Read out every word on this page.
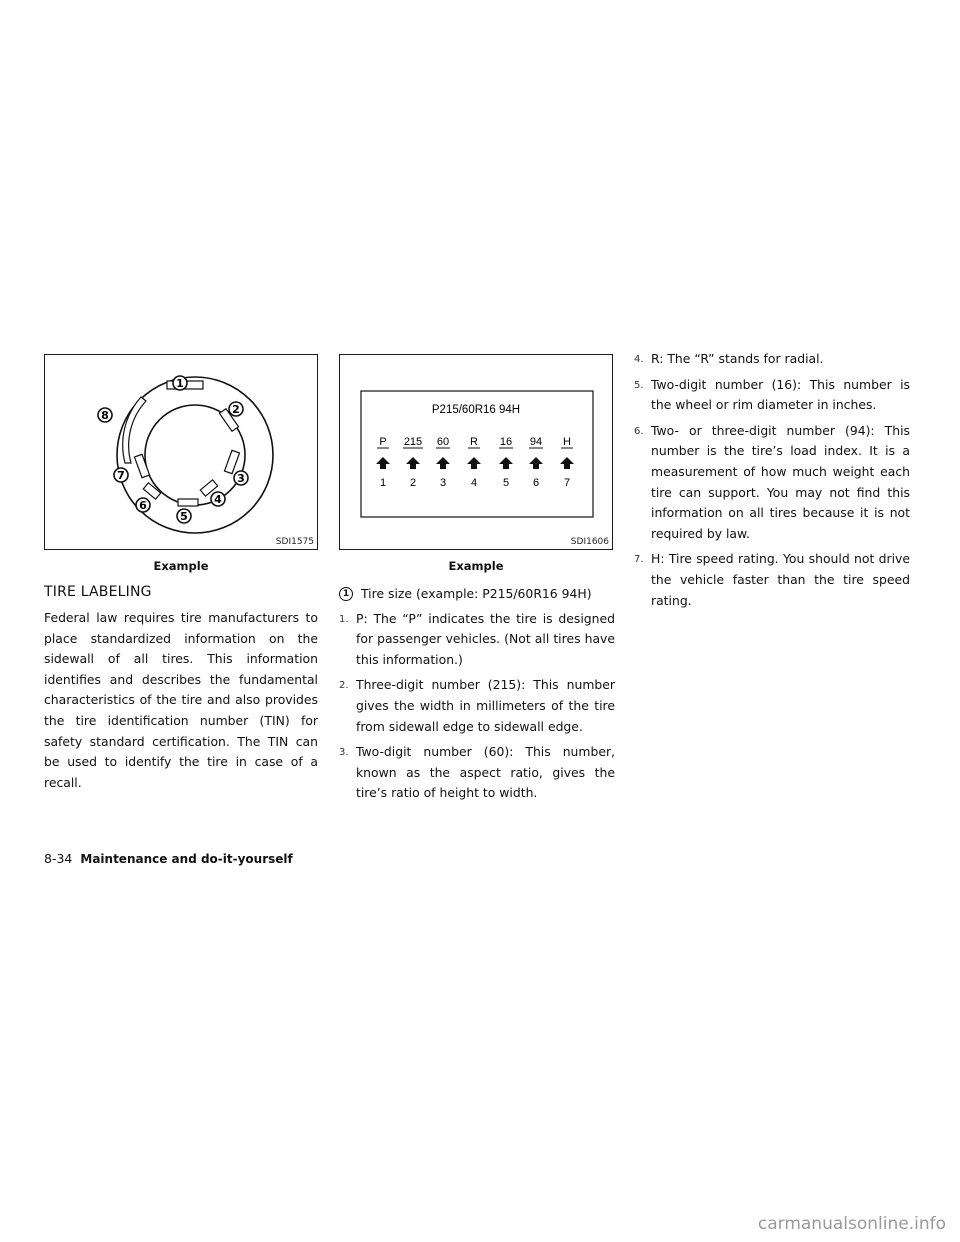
1
2
3
4
5
6
7
8
SDI1575
Example
P215/60R16 94H
P 215 60 R 16 94 H
1 2 3 4 5 6 7
SDI1606
Example
TIRE LABELING

Federal law requires tire manufacturers to place standardized information on the sidewall of all tires. This information identifies and describes the fundamental characteristics of the tire and also provides the tire identification number (TIN) for safety standard certification. The TIN can be used to identify the tire in case of a recall.

1 Tire size (example: P215/60R16 94H)
1. P: The “P” indicates the tire is designed for passenger vehicles. (Not all tires have this information.)
2. Three-digit number (215): This number gives the width in millimeters of the tire from sidewall edge to sidewall edge.
3. Two-digit number (60): This number, known as the aspect ratio, gives the tire’s ratio of height to width.
4. R: The “R” stands for radial.
5. Two-digit number (16): This number is the wheel or rim diameter in inches.
6. Two- or three-digit number (94): This number is the tire’s load index. It is a measurement of how much weight each tire can support. You may not find this information on all tires because it is not required by law.
7. H: Tire speed rating. You should not drive the vehicle faster than the tire speed rating.
8-34 Maintenance and do-it-yourself
carmanualsonline.info
